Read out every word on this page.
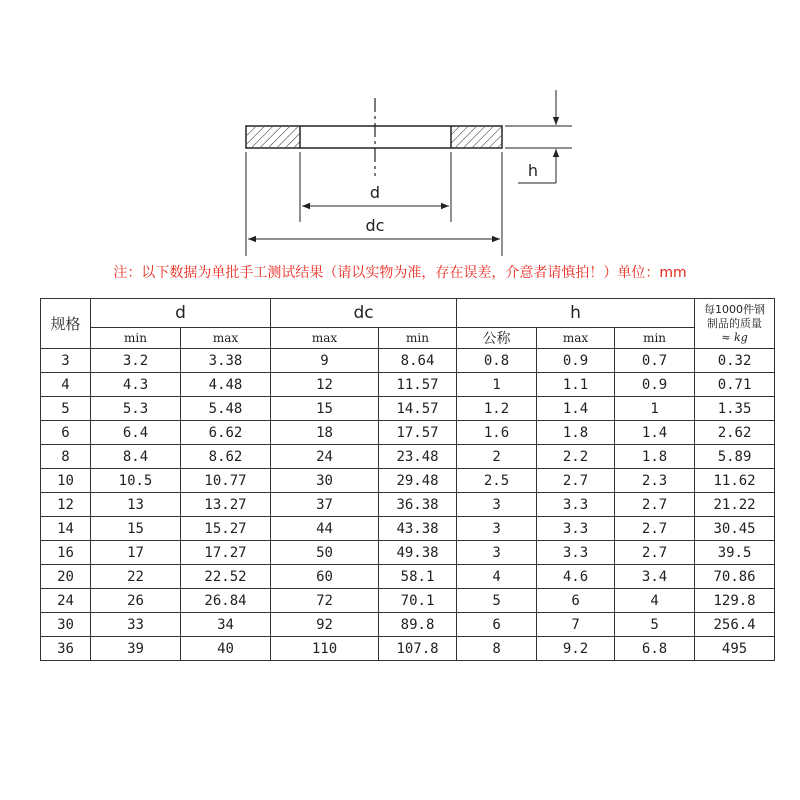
d
dc
h
注：以下数据为单批手工测试结果（请以实物为准，存在误差，介意者请慎拍！）单位：mm
规格	d		dc		h			每1000件钢
制品的质量
≈ kg

	min	max	max	min	公称	max	min	
3	3.2	3.38	9	8.64	0.8	0.9	0.7	0.32
4	4.3	4.48	12	11.57	1	1.1	0.9	0.71
5	5.3	5.48	15	14.57	1.2	1.4	1	1.35
6	6.4	6.62	18	17.57	1.6	1.8	1.4	2.62
8	8.4	8.62	24	23.48	2	2.2	1.8	5.89
10	10.5	10.77	30	29.48	2.5	2.7	2.3	11.62
12	13	13.27	37	36.38	3	3.3	2.7	21.22
14	15	15.27	44	43.38	3	3.3	2.7	30.45
16	17	17.27	50	49.38	3	3.3	2.7	39.5
20	22	22.52	60	58.1	4	4.6	3.4	70.86
24	26	26.84	72	70.1	5	6	4	129.8
30	33	34	92	89.8	6	7	5	256.4
36	39	40	110	107.8	8	9.2	6.8	495
